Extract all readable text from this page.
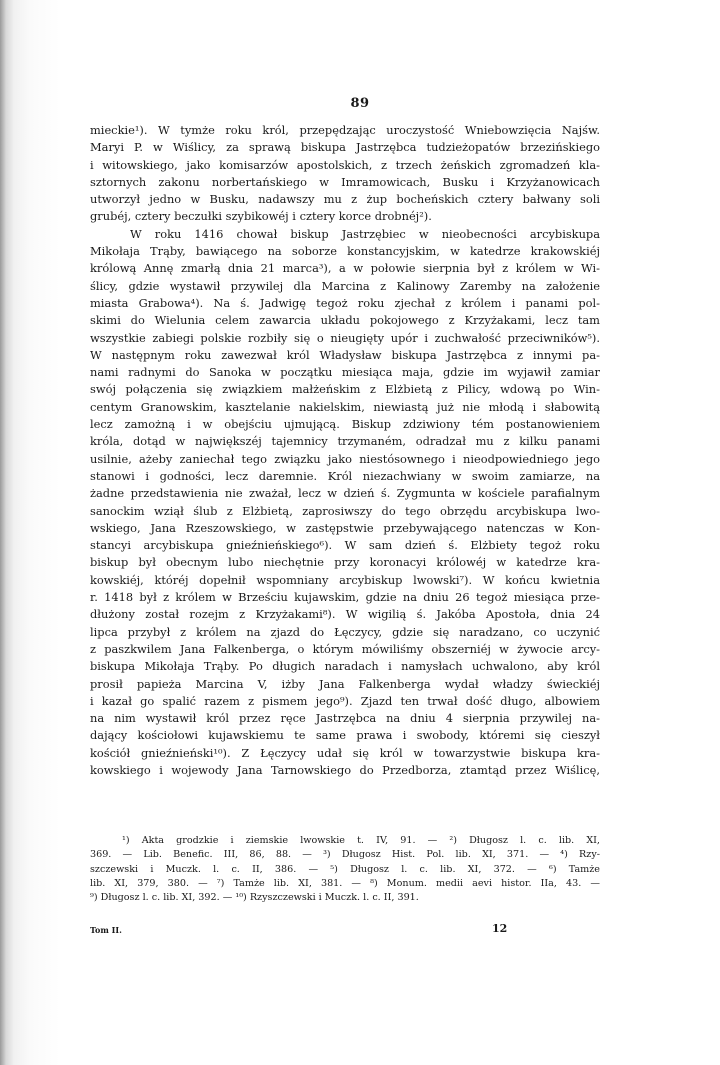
89
mieckie¹). W tymże roku król, przepędzając uroczystość Wniebowzięcia Najśw.
Maryi P. w Wiślicy, za sprawą biskupa Jastrzębca tudzieżopatów brzezińskiego
i witowskiego, jako komisarzów apostolskich, z trzech żeńskich zgromadzeń kla-
sztornych zakonu norbertańskiego w Imramowicach, Busku i Krzyżanowicach
utworzył jedno w Busku, nadawszy mu z żup bocheńskich cztery bałwany soli
grubéj, cztery beczułki szybikowéj i cztery korce drobnéj²).
W roku 1416 chował biskup Jastrzębiec w nieobecności arcybiskupa
Mikołaja Trąby, bawiącego na soborze konstancyjskim, w katedrze krakowskiéj
królową Annę zmarłą dnia 21 marca³), a w połowie sierpnia był z królem w Wi-
ślicy, gdzie wystawił przywilej dla Marcina z Kalinowy Zaremby na założenie
miasta Grabowa⁴). Na ś. Jadwigę tegoż roku zjechał z królem i panami pol-
skimi do Wielunia celem zawarcia układu pokojowego z Krzyżakami, lecz tam
wszystkie zabiegi polskie rozbiły się o nieugięty upór i zuchwałość przeciwników⁵).
W następnym roku zawezwał król Władysław biskupa Jastrzębca z innymi pa-
nami radnymi do Sanoka w początku miesiąca maja, gdzie im wyjawił zamiar
swój połączenia się związkiem małżeńskim z Elżbietą z Pilicy, wdową po Win-
centym Granowskim, kasztelanie nakielskim, niewiastą już nie młodą i słabowitą
lecz zamożną i w obejściu ujmującą. Biskup zdziwiony tém postanowieniem
króla, dotąd w największéj tajemnicy trzymaném, odradzał mu z kilku panami
usilnie, ażeby zaniechał tego związku jako niestósownego i nieodpowiedniego jego
stanowi i godności, lecz daremnie. Król niezachwiany w swoim zamiarze, na
żadne przedstawienia nie zważał, lecz w dzień ś. Zygmunta w kościele parafialnym
sanockim wziął ślub z Elżbietą, zaprosiwszy do tego obrzędu arcybiskupa lwo-
wskiego, Jana Rzeszowskiego, w zastępstwie przebywającego natenczas w Kon-
stancyi arcybiskupa gnieźnieńskiego⁶). W sam dzień ś. Elżbiety tegoż roku
biskup był obecnym lubo niechętnie przy koronacyi królowéj w katedrze kra-
kowskiéj, któréj dopełnił wspomniany arcybiskup lwowski⁷). W końcu kwietnia
r. 1418 był z królem w Brześciu kujawskim, gdzie na dniu 26 tegoż miesiąca prze-
dłużony został rozejm z Krzyżakami⁸). W wigilią ś. Jakóba Apostoła, dnia 24
lipca przybył z królem na zjazd do Łęczycy, gdzie się naradzano, co uczynić
z paszkwilem Jana Falkenberga, o którym mówiliśmy obszerniéj w żywocie arcy-
biskupa Mikołaja Trąby. Po długich naradach i namysłach uchwalono, aby król
prosił papieża Marcina V, iżby Jana Falkenberga wydał władzy świeckiéj
i kazał go spalić razem z pismem jego⁹). Zjazd ten trwał dość długo, albowiem
na nim wystawił król przez ręce Jastrzębca na dniu 4 sierpnia przywilej na-
dający kościołowi kujawskiemu te same prawa i swobody, któremi się cieszył
kościół gnieźnieński¹⁰). Z Łęczycy udał się król w towarzystwie biskupa kra-
kowskiego i wojewody Jana Tarnowskiego do Przedborza, ztamtąd przez Wiślicę,
¹) Akta grodzkie i ziemskie lwowskie t. IV, 91. — ²) Długosz l. c. lib. XI,
369. — Lib. Benefic. III, 86, 88. — ³) Długosz Hist. Pol. lib. XI, 371. — ⁴) Rzy-
szczewski i Muczk. l. c. II, 386. — ⁵) Długosz l. c. lib. XI, 372. — ⁶) Tamże
lib. XI, 379, 380. — ⁷) Tamże lib. XI, 381. — ⁸) Monum. medii aevi histor. IIa, 43. —
⁹) Długosz l. c. lib. XI, 392. — ¹⁰) Rzyszczewski i Muczk. l. c. II, 391.
Tom II.	12
